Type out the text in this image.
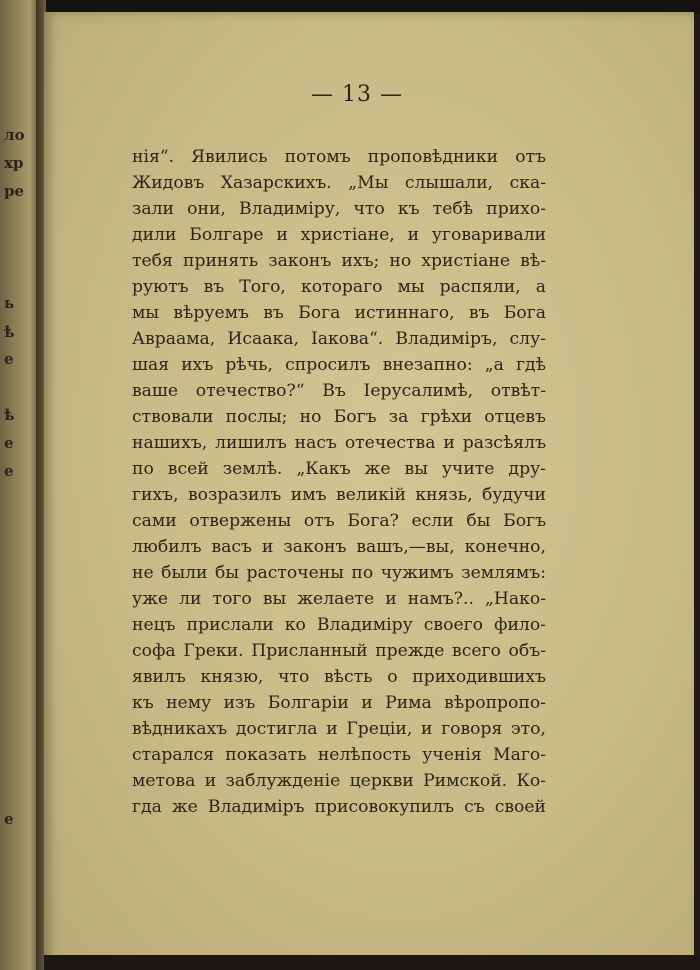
ло
хр
ре
ь
ѣ
е
ѣ
е
е
е
— 13 —
нія“. Явились потомъ проповѣдники отъ
Жидовъ Хазарскихъ. „Мы слышали, ска-
зали они, Владиміру, что къ тебѣ прихо-
дили Болгаре и христіане, и уговаривали
тебя принять законъ ихъ; но христіане вѣ-
руютъ въ Того, котораго мы распяли, а
мы вѣруемъ въ Бога истиннаго, въ Бога
Авраама, Исаака, Іакова“. Владиміръ, слу-
шая ихъ рѣчь, спросилъ внезапно: „а гдѣ
ваше отечество?“ Въ Іерусалимѣ, отвѣт-
ствовали послы; но Богъ за грѣхи отцевъ
нашихъ, лишилъ насъ отечества и разсѣялъ
по всей землѣ. „Какъ же вы учите дру-
гихъ, возразилъ имъ великій князь, будучи
сами отвержены отъ Бога? если бы Богъ
любилъ васъ и законъ вашъ,—вы, конечно,
не были бы расточены по чужимъ землямъ:
уже ли того вы желаете и намъ?.. „Нако-
нецъ прислали ко Владиміру своего фило-
софа Греки. Присланный прежде всего объ-
явилъ князю, что вѣсть о приходившихъ
къ нему изъ Болгаріи и Рима вѣропропо-
вѣдникахъ достигла и Греціи, и говоря это,
старался показать нелѣпость ученія Маго-
метова и заблужденіе церкви Римской. Ко-
гда же Владиміръ присовокупилъ съ своей
